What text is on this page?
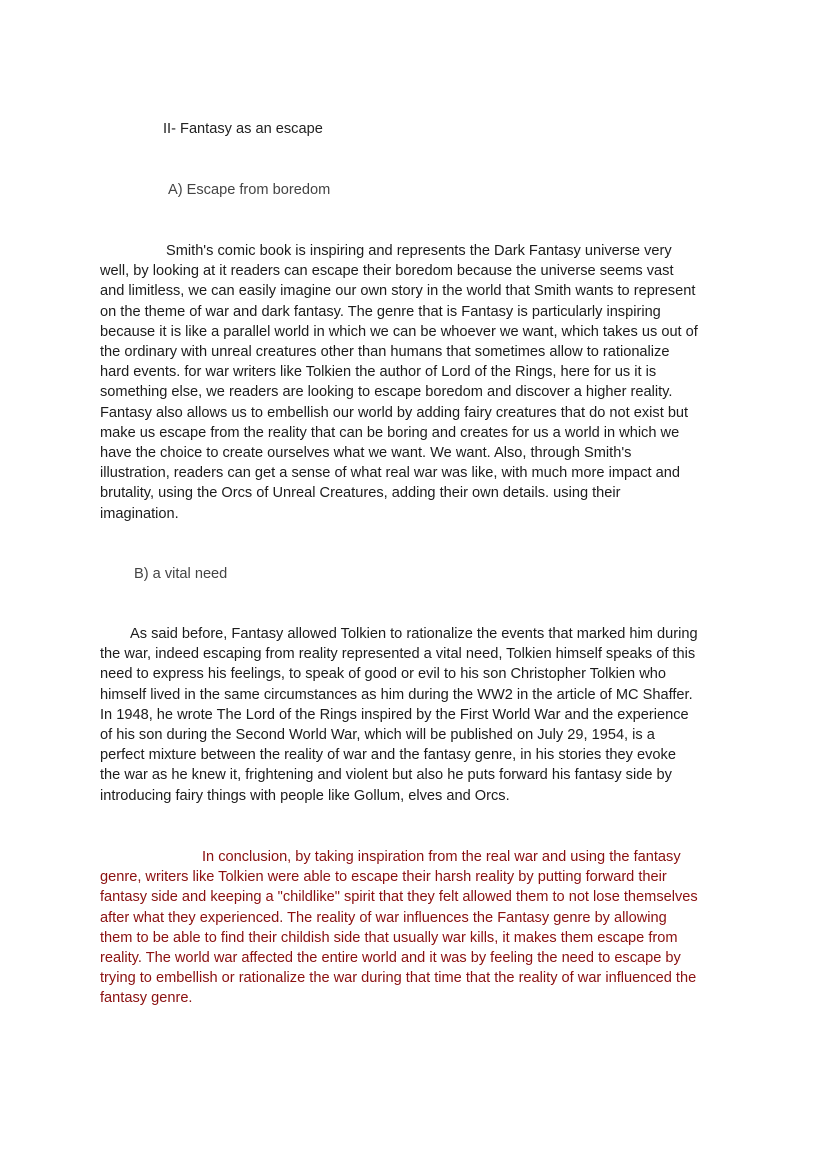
II- Fantasy as an escape
A) Escape from boredom

Smith's comic book is inspiring and represents the Dark Fantasy universe very
well, by looking at it readers can escape their boredom because the universe seems vast
and limitless, we can easily imagine our own story in the world that Smith wants to represent
on the theme of war and dark fantasy. The genre that is Fantasy is particularly inspiring
because it is like a parallel world in which we can be whoever we want, which takes us out of
the ordinary with unreal creatures other than humans that sometimes allow to rationalize
hard events. for war writers like Tolkien the author of Lord of the Rings, here for us it is
something else, we readers are looking to escape boredom and discover a higher reality.
Fantasy also allows us to embellish our world by adding fairy creatures that do not exist but
make us escape from the reality that can be boring and creates for us a world in which we
have the choice to create ourselves what we want. We want. Also, through Smith's
illustration, readers can get a sense of what real war was like, with much more impact and
brutality, using the Orcs of Unreal Creatures, adding their own details. using their
imagination.

B) a vital need

As said before, Fantasy allowed Tolkien to rationalize the events that marked him during
the war, indeed escaping from reality represented a vital need, Tolkien himself speaks of this
need to express his feelings, to speak of good or evil to his son Christopher Tolkien who
himself lived in the same circumstances as him during the WW2 in the article of MC Shaffer.
In 1948, he wrote The Lord of the Rings inspired by the First World War and the experience
of his son during the Second World War, which will be published on July 29, 1954, is a
perfect mixture between the reality of war and the fantasy genre, in his stories they evoke
the war as he knew it, frightening and violent but also he puts forward his fantasy side by
introducing fairy things with people like Gollum, elves and Orcs.

In conclusion, by taking inspiration from the real war and using the fantasy
genre, writers like Tolkien were able to escape their harsh reality by putting forward their
fantasy side and keeping a "childlike" spirit that they felt allowed them to not lose themselves
after what they experienced. The reality of war influences the Fantasy genre by allowing
them to be able to find their childish side that usually war kills, it makes them escape from
reality. The world war affected the entire world and it was by feeling the need to escape by
trying to embellish or rationalize the war during that time that the reality of war influenced the
fantasy genre.
